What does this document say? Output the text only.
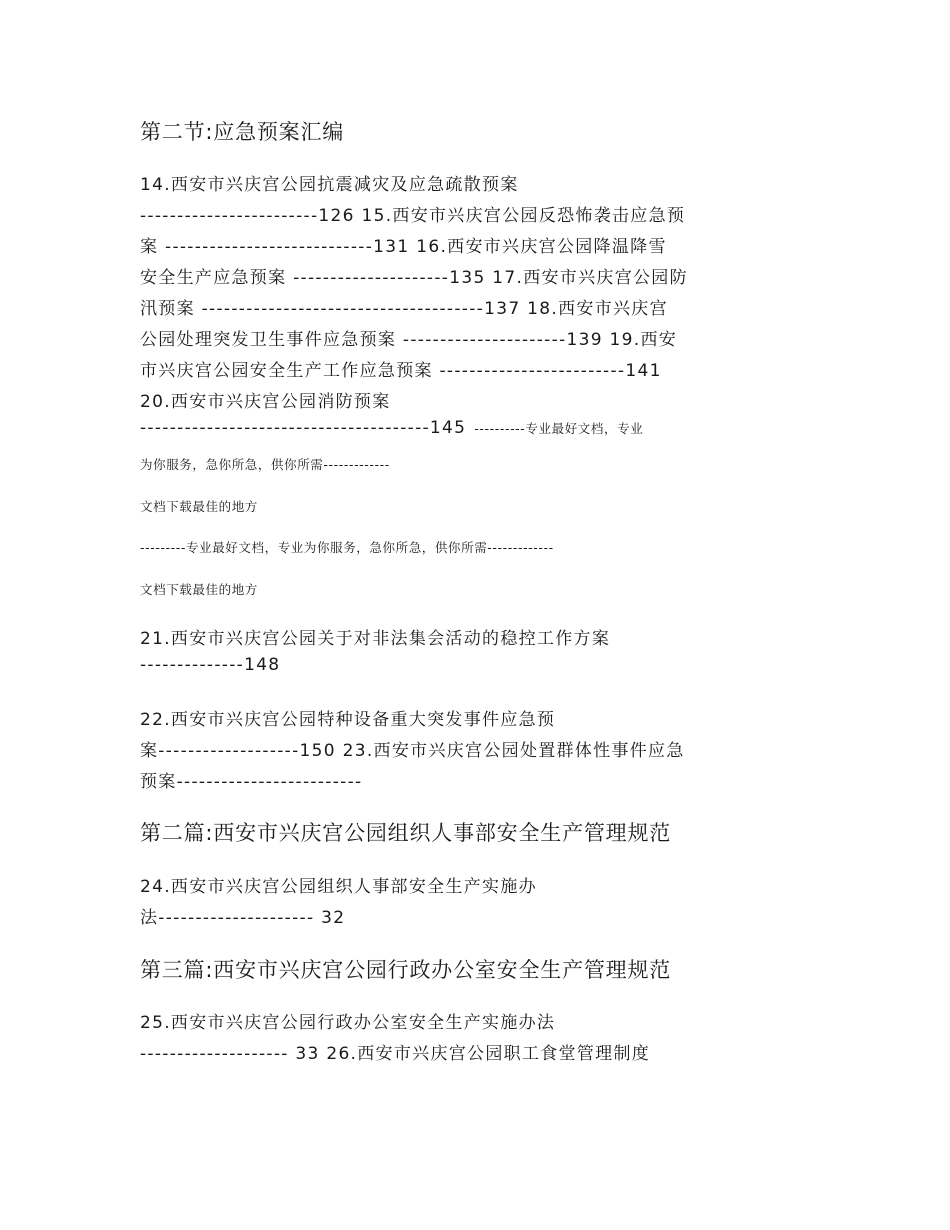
第二节:应急预案汇编
14.西安市兴庆宫公园抗震减灾及应急疏散预案
------------------------126 15.西安市兴庆宫公园反恐怖袭击应急预
案 ----------------------------131 16.西安市兴庆宫公园降温降雪
安全生产应急预案 ---------------------135 17.西安市兴庆宫公园防
汛预案 --------------------------------------137 18.西安市兴庆宫
公园处理突发卫生事件应急预案 ----------------------139 19.西安
市兴庆宫公园安全生产工作应急预案 -------------------------141
20.西安市兴庆宫公园消防预案
---------------------------------------145 ----------专业最好文档，专业
为你服务，急你所急，供你所需-------------
文档下载最佳的地方
---------专业最好文档，专业为你服务，急你所急，供你所需-------------
文档下载最佳的地方
21.西安市兴庆宫公园关于对非法集会活动的稳控工作方案
--------------148
22.西安市兴庆宫公园特种设备重大突发事件应急预
案-------------------150 23.西安市兴庆宫公园处置群体性事件应急
预案-------------------------
第二篇:西安市兴庆宫公园组织人事部安全生产管理规范
24.西安市兴庆宫公园组织人事部安全生产实施办
法--------------------- 32
第三篇:西安市兴庆宫公园行政办公室安全生产管理规范
25.西安市兴庆宫公园行政办公室安全生产实施办法
-------------------- 33 26.西安市兴庆宫公园职工食堂管理制度
